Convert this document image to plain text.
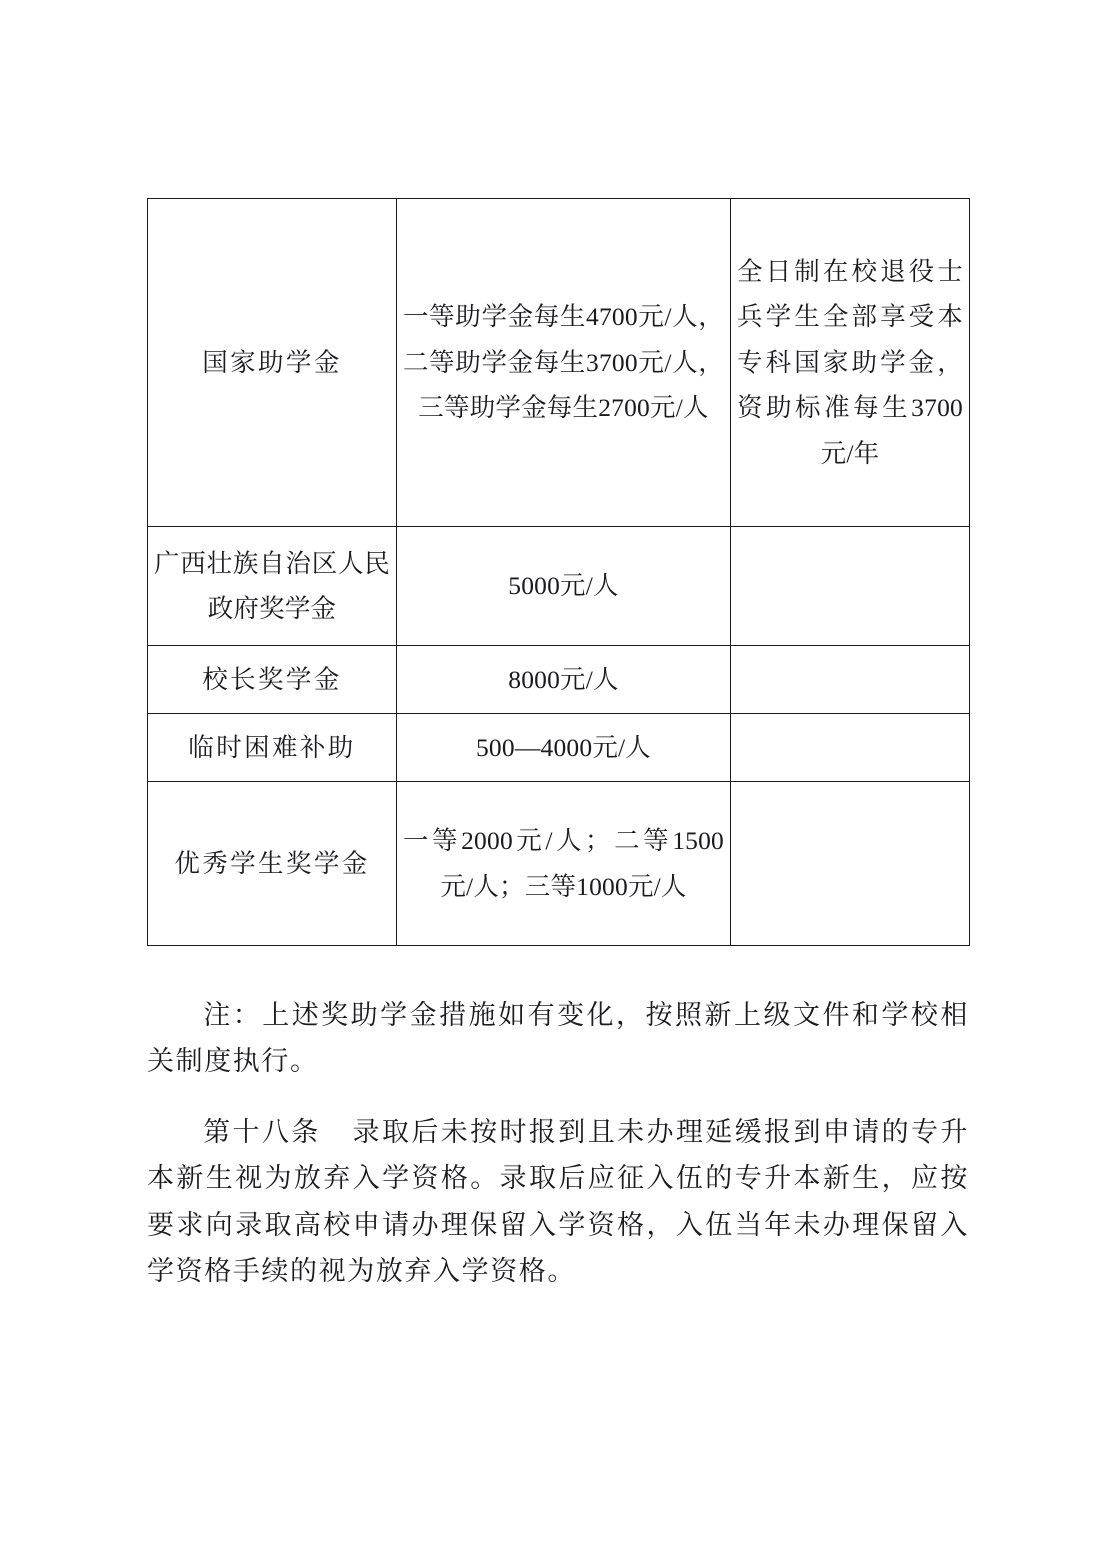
国家助学金	一等助学金每生4700元/人，二等助学金每生3700元/人，三等助学金每生2700元/人	全日制在校退役士兵学生全部享受本专科国家助学金，资助标准每生3700元/年

广西壮族自治区人民政府奖学金	5000元/人	

校长奖学金	8000元/人	

临时困难补助	500—4000元/人	

优秀学生奖学金	一等2000元/人；二等1500元/人；三等1000元/人	

注：上述奖助学金措施如有变化，按照新上级文件和学校相关制度执行。

第十八条 录取后未按时报到且未办理延缓报到申请的专升本新生视为放弃入学资格。录取后应征入伍的专升本新生，应按要求向录取高校申请办理保留入学资格，入伍当年未办理保留入学资格手续的视为放弃入学资格。
